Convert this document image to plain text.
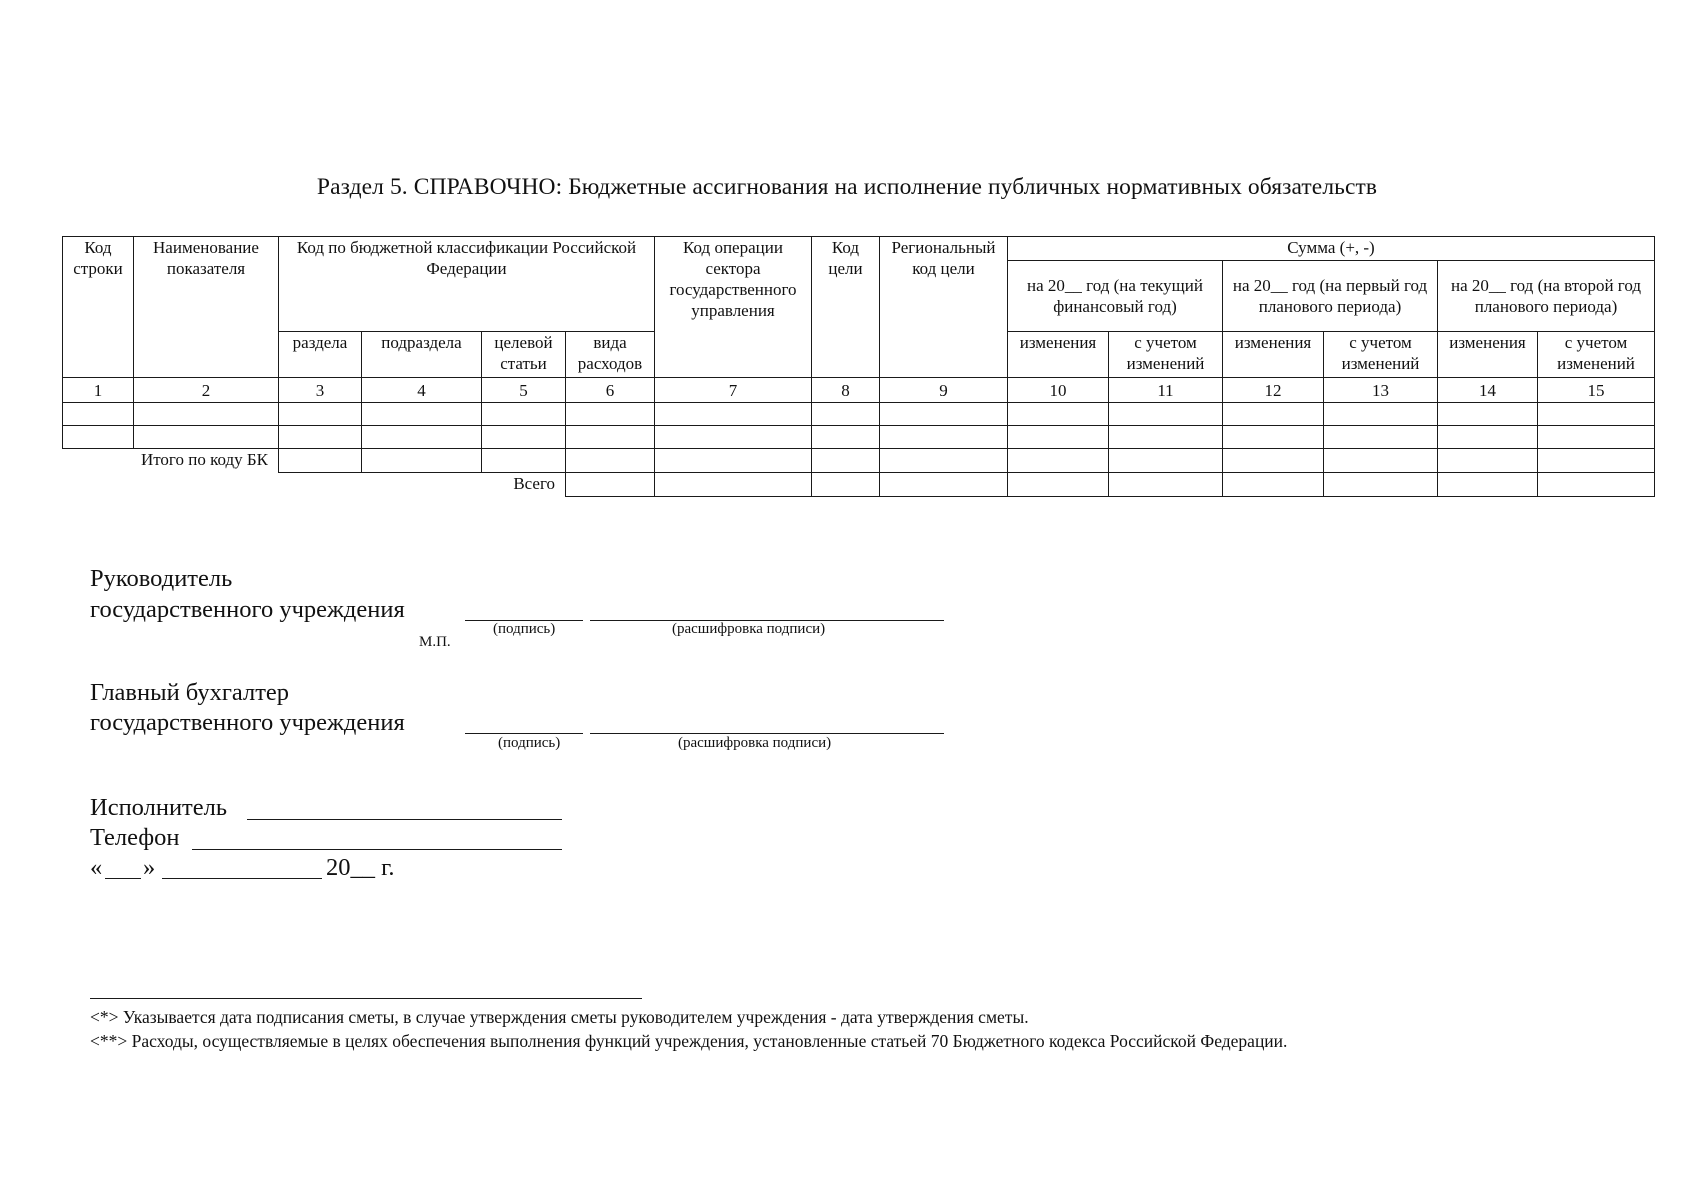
Раздел 5. СПРАВОЧНО: Бюджетные ассигнования на исполнение публичных нормативных обязательств
Код строки	Наименование показателя	Код по бюджетной классификации Российской Федерации				Код операции сектора государственного управления	Код цели	Региональный код цели	Сумма (+, -)					
									на 20__ год (на текущий финансовый год)		на 20__ год (на первый год планового периода)		на 20__ год (на второй год планового периода)	
		раздела	подраздела	целевой статьи	вида расходов				изменения	с учетом изменений	изменения	с учетом изменений	изменения	с учетом изменений
1	2	3	4	5	6	7	8	9	10	11	12	13	14	15

Итого по коду БК														
Всего														
Руководитель
государственного учреждения
(подпись)	(расшифровка подписи)
М.П.
Главный бухгалтер
государственного учреждения
(подпись)	(расшифровка подписи)
Исполнитель
Телефон
« »	20__ г.
<*> Указывается дата подписания сметы, в случае утверждения сметы руководителем учреждения - дата утверждения сметы.
<**> Расходы, осуществляемые в целях обеспечения выполнения функций учреждения, установленные статьей 70 Бюджетного кодекса Российской Федерации.
